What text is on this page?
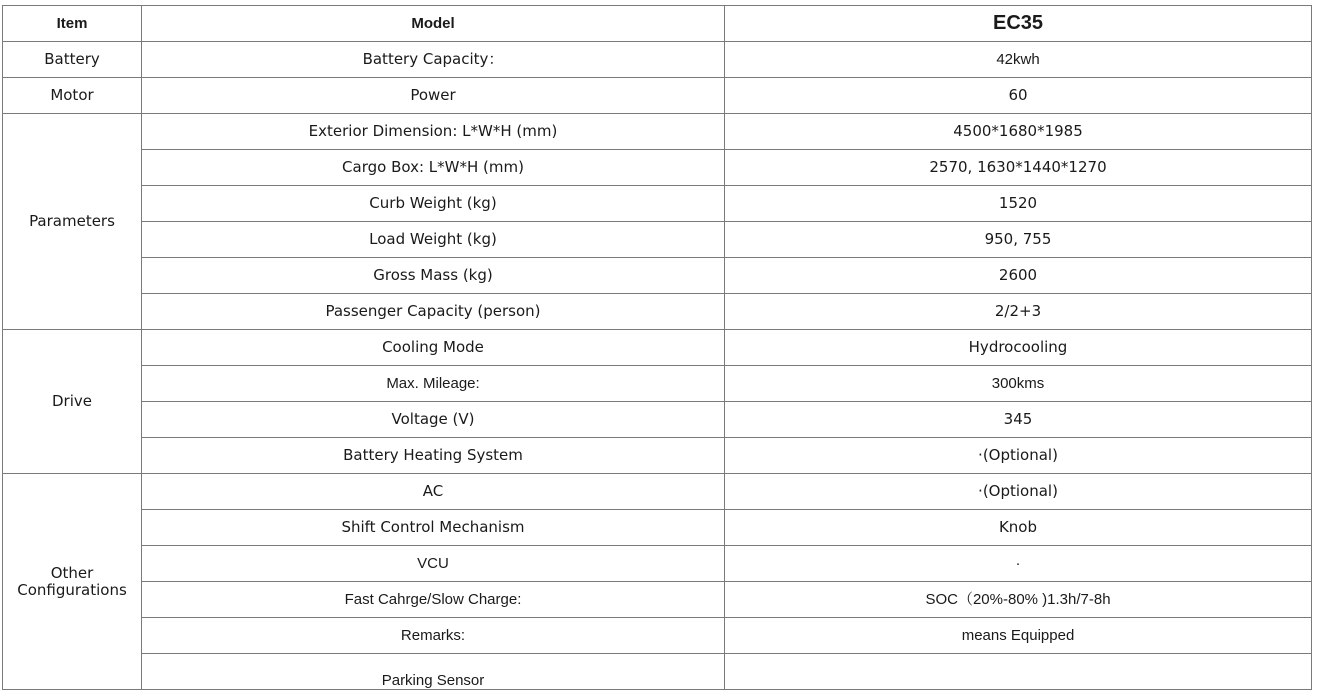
Item	Model	EC35
Battery	Battery Capacity：	42kwh
Motor	Power	60
Parameters	Exterior Dimension: L*W*H (mm)	4500*1680*1985
	Cargo Box: L*W*H (mm)	2570, 1630*1440*1270
	Curb Weight (kg)	1520
	Load Weight (kg)	950, 755
	Gross Mass (kg)	2600
	Passenger Capacity (person)	2/2+3
Drive	Cooling Mode	Hydrocooling
	Max. Mileage:	300kms
	Voltage (V)	345
	Battery Heating System	·(Optional)
Other Configurations	AC	·(Optional)
	Shift Control Mechanism	Knob
	VCU	·
	Fast Cahrge/Slow Charge:	SOC（20%-80% )1.3h/7-8h
	Remarks:	means Equipped
	Parking Sensor	
